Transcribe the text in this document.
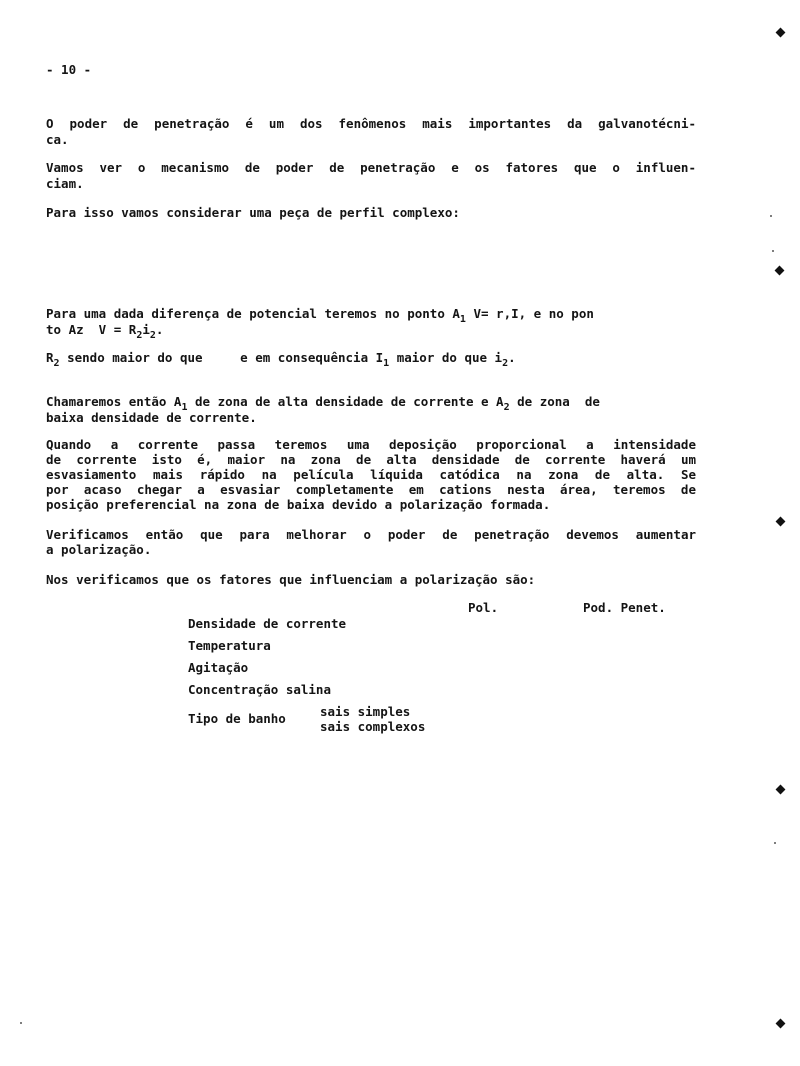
- 10 -
O poder de penetração é um dos fenômenos mais importantes da galvanotécni-
ca.
Vamos ver o mecanismo de poder de penetração e os fatores que o influen-
ciam.
Para isso vamos considerar uma peça de perfil complexo:
Para uma dada diferença de potencial teremos no ponto $A_1$ V= r,I, e no pon
to Az  $V = R_2i_2$.
$R_2$ sendo maior do que     e em consequência $I_1$ maior do que $i_2$.
Chamaremos então $A_1$ de zona de alta densidade de corrente e $A_2$ de zona  de
baixa densidade de corrente.
Quando a corrente passa teremos uma deposição proporcional a intensidade
de corrente isto é, maior na zona de alta densidade de corrente haverá um
esvasiamento mais rápido na película líquida catódica na zona de alta. Se
por acaso chegar a esvasiar completamente em cations nesta área, teremos de
posição preferencial na zona de baixa devido a polarização formada.
Verificamos então que para melhorar o poder de penetração devemos aumentar
a polarização.
Nos verificamos que os fatores que influenciam a polarização são:
Pol.	Pod. Penet.
Densidade de corrente
Temperatura
Agitação
Concentração salina
Tipo de banho	sais simples
sais complexos
